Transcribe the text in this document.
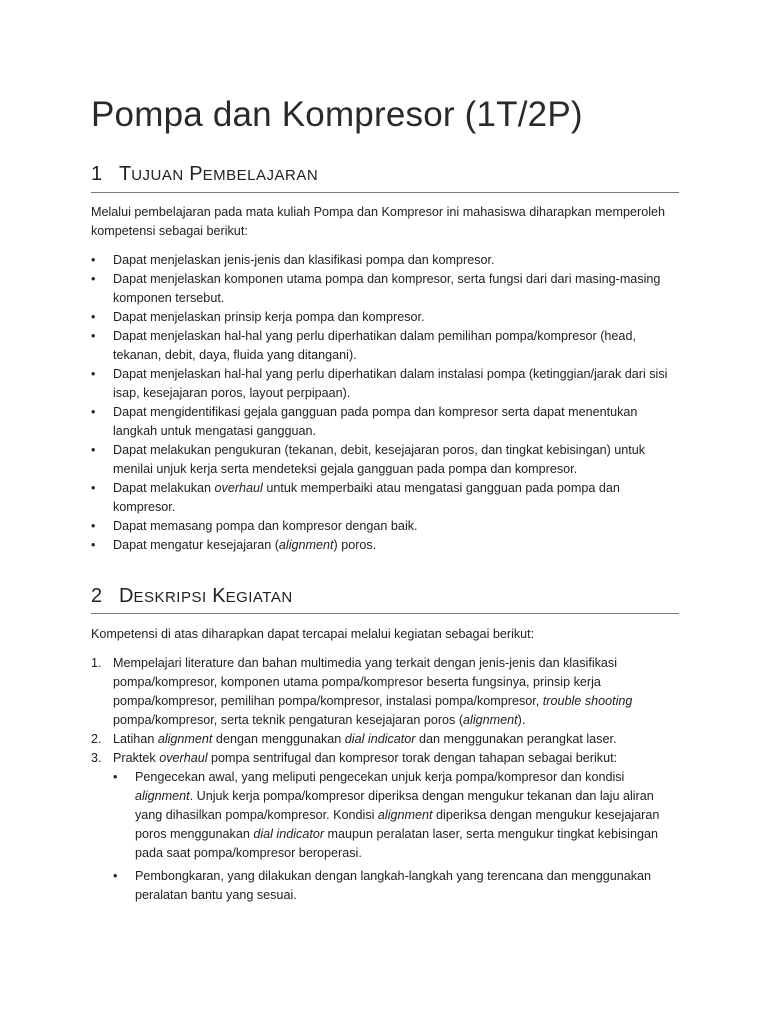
Pompa dan Kompresor (1T/2P)
1 TUJUAN PEMBELAJARAN

Melalui pembelajaran pada mata kuliah Pompa dan Kompresor ini mahasiswa diharapkan memperoleh kompetensi sebagai berikut:

• Dapat menjelaskan jenis-jenis dan klasifikasi pompa dan kompresor.
• Dapat menjelaskan komponen utama pompa dan kompresor, serta fungsi dari dari masing-masing komponen tersebut.
• Dapat menjelaskan prinsip kerja pompa dan kompresor.
• Dapat menjelaskan hal-hal yang perlu diperhatikan dalam pemilihan pompa/kompresor (head, tekanan, debit, daya, fluida yang ditangani).
• Dapat menjelaskan hal-hal yang perlu diperhatikan dalam instalasi pompa (ketinggian/jarak dari sisi isap, kesejajaran poros, layout perpipaan).
• Dapat mengidentifikasi gejala gangguan pada pompa dan kompresor serta dapat menentukan langkah untuk mengatasi gangguan.
• Dapat melakukan pengukuran (tekanan, debit, kesejajaran poros, dan tingkat kebisingan) untuk menilai unjuk kerja serta mendeteksi gejala gangguan pada pompa dan kompresor.
• Dapat melakukan overhaul untuk memperbaiki atau mengatasi gangguan pada pompa dan kompresor.
• Dapat memasang pompa dan kompresor dengan baik.
• Dapat mengatur kesejajaran (alignment) poros.
2 DESKRIPSI KEGIATAN

Kompetensi di atas diharapkan dapat tercapai melalui kegiatan sebagai berikut:

1. Mempelajari literature dan bahan multimedia yang terkait dengan jenis-jenis dan klasifikasi pompa/kompresor, komponen utama pompa/kompresor beserta fungsinya, prinsip kerja pompa/kompresor, pemilihan pompa/kompresor, instalasi pompa/kompresor, trouble shooting pompa/kompresor, serta teknik pengaturan kesejajaran poros (alignment).
2. Latihan alignment dengan menggunakan dial indicator dan menggunakan perangkat laser.
3. Praktek overhaul pompa sentrifugal dan kompresor torak dengan tahapan sebagai berikut:
• Pengecekan awal, yang meliputi pengecekan unjuk kerja pompa/kompresor dan kondisi alignment. Unjuk kerja pompa/kompresor diperiksa dengan mengukur tekanan dan laju aliran yang dihasilkan pompa/kompresor. Kondisi alignment diperiksa dengan mengukur kesejajaran poros menggunakan dial indicator maupun peralatan laser, serta mengukur tingkat kebisingan pada saat pompa/kompresor beroperasi.
• Pembongkaran, yang dilakukan dengan langkah-langkah yang terencana dan menggunakan peralatan bantu yang sesuai.
